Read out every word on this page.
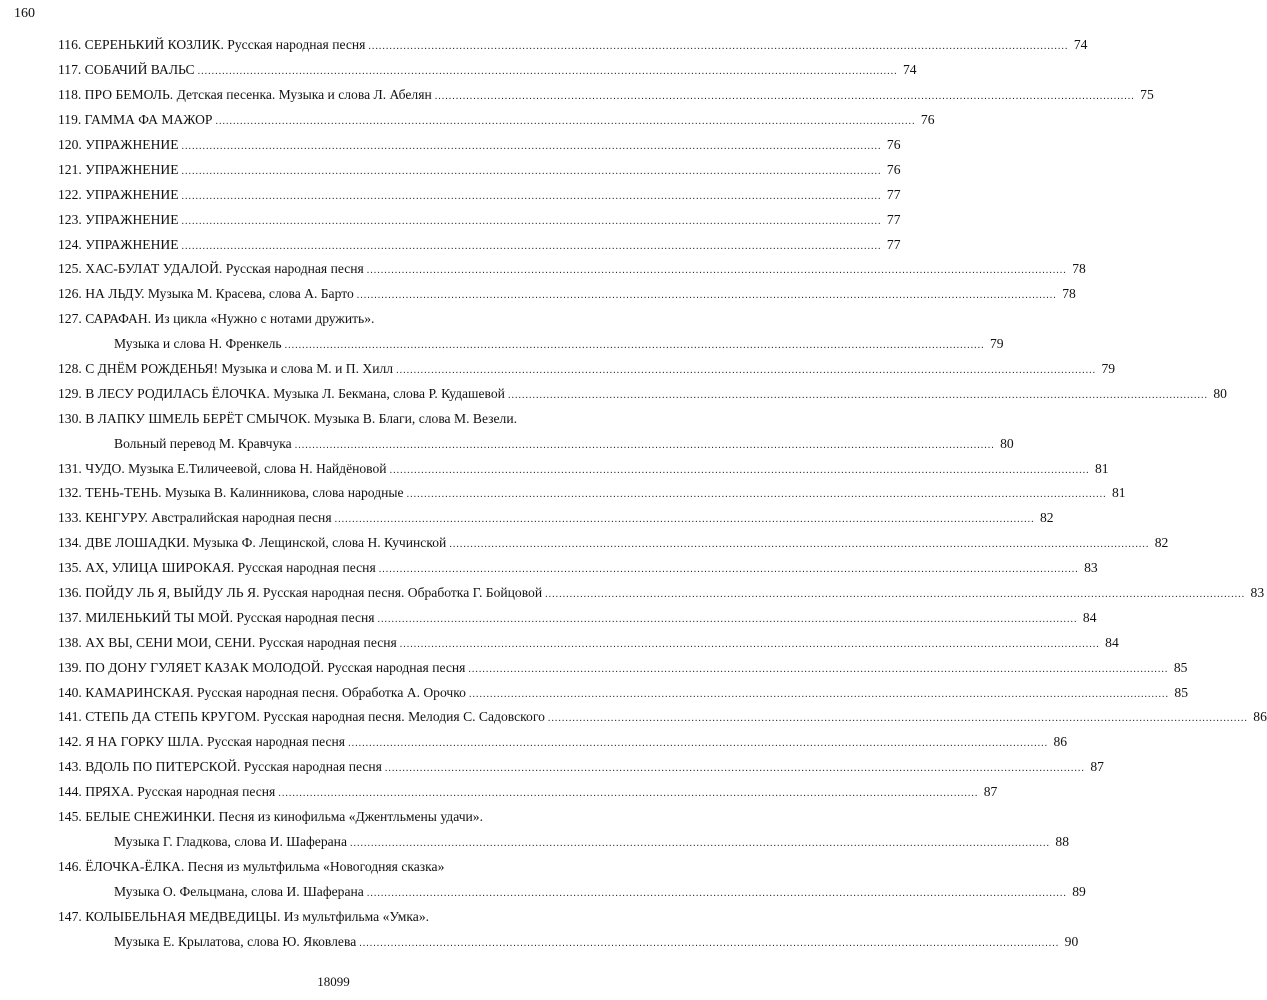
160
116. СЕРЕНЬКИЙ КОЗЛИК. Русская народная песня ........................................................................................................................................................................................................ 74
117. СОБАЧИЙ ВАЛЬС ........................................................................................................................................................................................................ 74
118. ПРО БЕМОЛЬ. Детская песенка. Музыка и слова Л. Абелян ........................................................................................................................................................................................................ 75
119. ГАММА ФА МАЖОР ........................................................................................................................................................................................................ 76
120. УПРАЖНЕНИЕ ........................................................................................................................................................................................................ 76
121. УПРАЖНЕНИЕ ........................................................................................................................................................................................................ 76
122. УПРАЖНЕНИЕ ........................................................................................................................................................................................................ 77
123. УПРАЖНЕНИЕ ........................................................................................................................................................................................................ 77
124. УПРАЖНЕНИЕ ........................................................................................................................................................................................................ 77
125. ХАС-БУЛАТ УДАЛОЙ. Русская народная песня ........................................................................................................................................................................................................ 78
126. НА ЛЬДУ. Музыка М. Красева, слова А. Барто ........................................................................................................................................................................................................ 78
127. САРАФАН. Из цикла «Нужно с нотами дружить».
Музыка и слова Н. Френкель ........................................................................................................................................................................................................ 79
128. С ДНЁМ РОЖДЕНЬЯ! Музыка и слова М. и П. Хилл ........................................................................................................................................................................................................ 79
129. В ЛЕСУ РОДИЛАСЬ ЁЛОЧКА. Музыка Л. Бекмана, слова Р. Кудашевой ........................................................................................................................................................................................................ 80
130. В ЛАПКУ ШМЕЛЬ БЕРЁТ СМЫЧОК. Музыка В. Благи, слова М. Везели.
Вольный перевод М. Кравчука ........................................................................................................................................................................................................ 80
131. ЧУДО. Музыка Е.Тиличеевой, слова Н. Найдёновой ........................................................................................................................................................................................................ 81
132. ТЕНЬ-ТЕНЬ. Музыка В. Калинникова, слова народные ........................................................................................................................................................................................................ 81
133. КЕНГУРУ. Австралийская народная песня ........................................................................................................................................................................................................ 82
134. ДВЕ ЛОШАДКИ. Музыка Ф. Лещинской, слова Н. Кучинской ........................................................................................................................................................................................................ 82
135. АХ, УЛИЦА ШИРОКАЯ. Русская народная песня ........................................................................................................................................................................................................ 83
136. ПОЙДУ ЛЬ Я, ВЫЙДУ ЛЬ Я. Русская народная песня. Обработка Г. Бойцовой ........................................................................................................................................................................................................ 83
137. МИЛЕНЬКИЙ ТЫ МОЙ. Русская народная песня ........................................................................................................................................................................................................ 84
138. АХ ВЫ, СЕНИ МОИ, СЕНИ. Русская народная песня ........................................................................................................................................................................................................ 84
139. ПО ДОНУ ГУЛЯЕТ КАЗАК МОЛОДОЙ. Русская народная песня ........................................................................................................................................................................................................ 85
140. КАМАРИНСКАЯ. Русская народная песня. Обработка А. Орочко ........................................................................................................................................................................................................ 85
141. СТЕПЬ ДА СТЕПЬ КРУГОМ. Русская народная песня. Мелодия С. Садовского ........................................................................................................................................................................................................ 86
142. Я НА ГОРКУ ШЛА. Русская народная песня ........................................................................................................................................................................................................ 86
143. ВДОЛЬ ПО ПИТЕРСКОЙ. Русская народная песня ........................................................................................................................................................................................................ 87
144. ПРЯХА. Русская народная песня ........................................................................................................................................................................................................ 87
145. БЕЛЫЕ СНЕЖИНКИ. Песня из кинофильма «Джентльмены удачи».
Музыка Г. Гладкова, слова И. Шаферана ........................................................................................................................................................................................................ 88
146. ЁЛОЧКА-ЁЛКА. Песня из мультфильма «Новогодняя сказка»
Музыка О. Фельцмана, слова И. Шаферана ........................................................................................................................................................................................................ 89
147. КОЛЫБЕЛЬНАЯ МЕДВЕДИЦЫ. Из мультфильма «Умка».
Музыка Е. Крылатова, слова Ю. Яковлева ........................................................................................................................................................................................................ 90
18099
